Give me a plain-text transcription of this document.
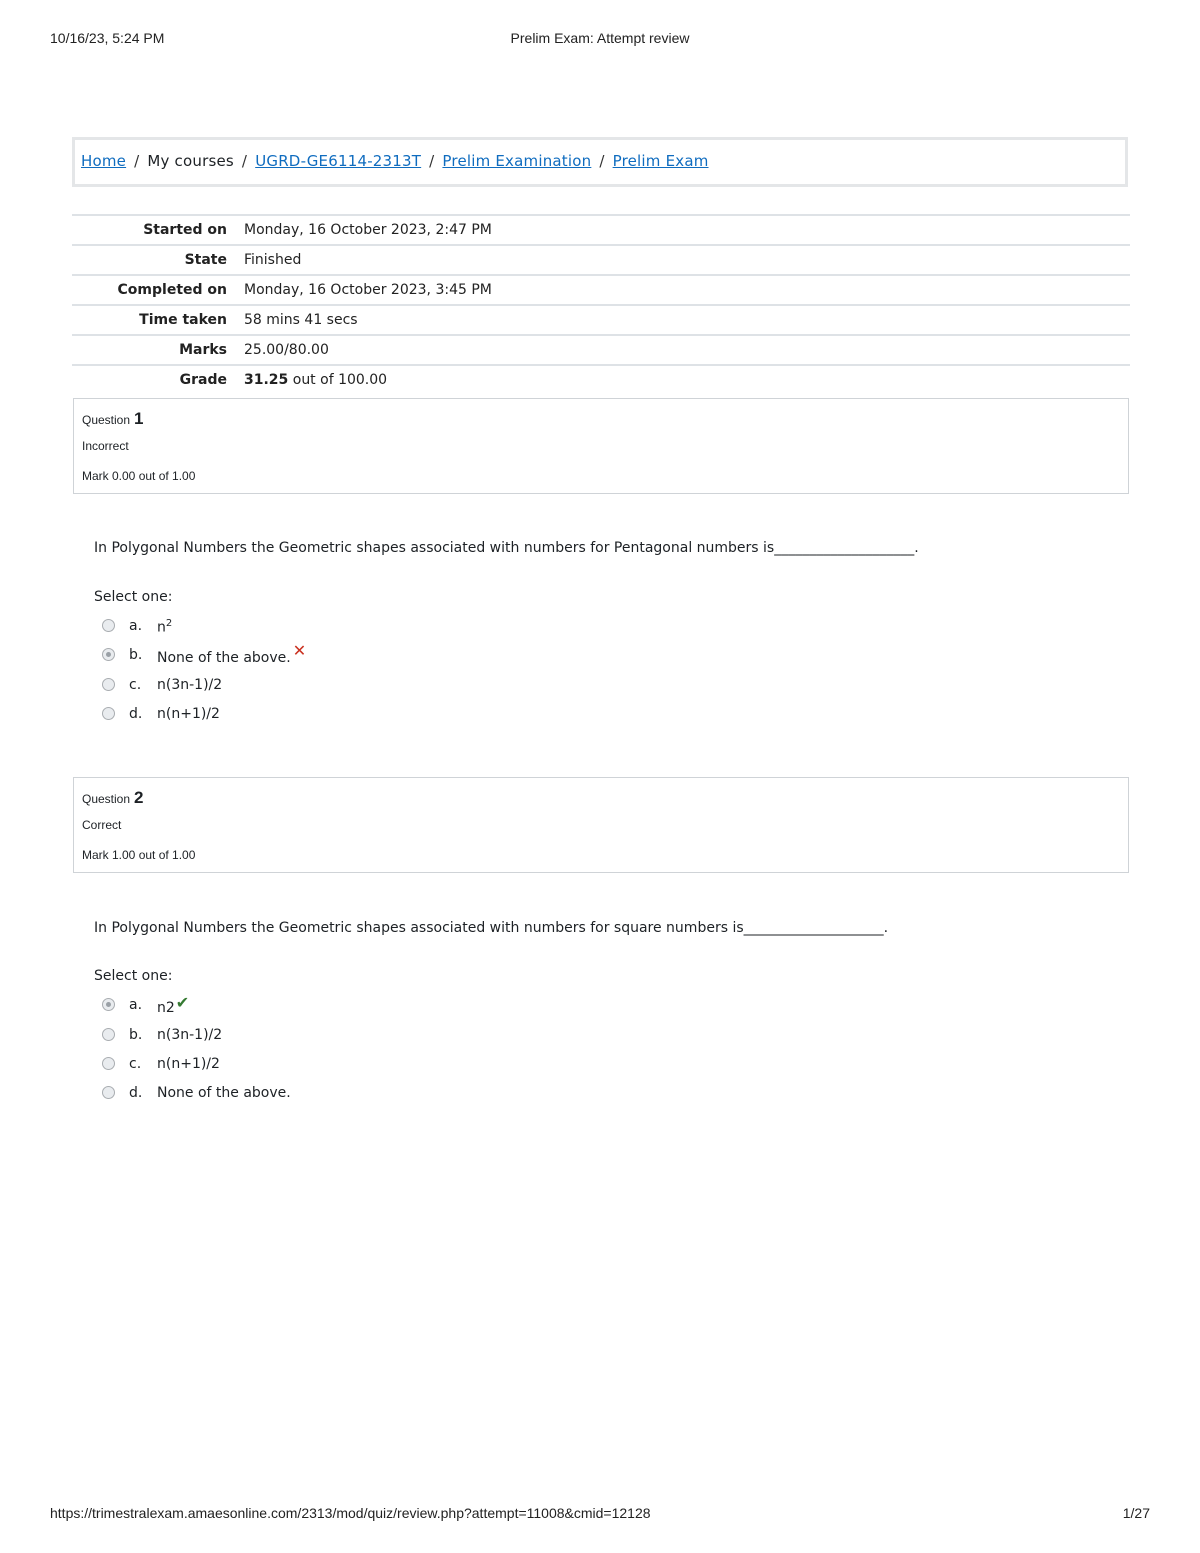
10/16/23, 5:24 PM	Prelim Exam: Attempt review
Home / My courses / UGRD-GE6114-2313T / Prelim Examination / Prelim Exam
Started on	Monday, 16 October 2023, 2:47 PM
State	Finished
Completed on	Monday, 16 October 2023, 3:45 PM
Time taken	58 mins 41 secs
Marks	25.00/80.00
Grade	31.25 out of 100.00
Question 1
Incorrect
Mark 0.00 out of 1.00
In Polygonal Numbers the Geometric shapes associated with numbers for Pentagonal numbers is____________________.
Select one:
a. $n^2$
b. None of the above. ✕
c. n(3n-1)/2
d. n(n+1)/2
Question 2
Correct
Mark 1.00 out of 1.00
In Polygonal Numbers the Geometric shapes associated with numbers for square numbers is____________________.
Select one:
a. n2✔
b. n(3n-1)/2
c. n(n+1)/2
d. None of the above.
https://trimestralexam.amaesonline.com/2313/mod/quiz/review.php?attempt=11008&cmid=12128	1/27
